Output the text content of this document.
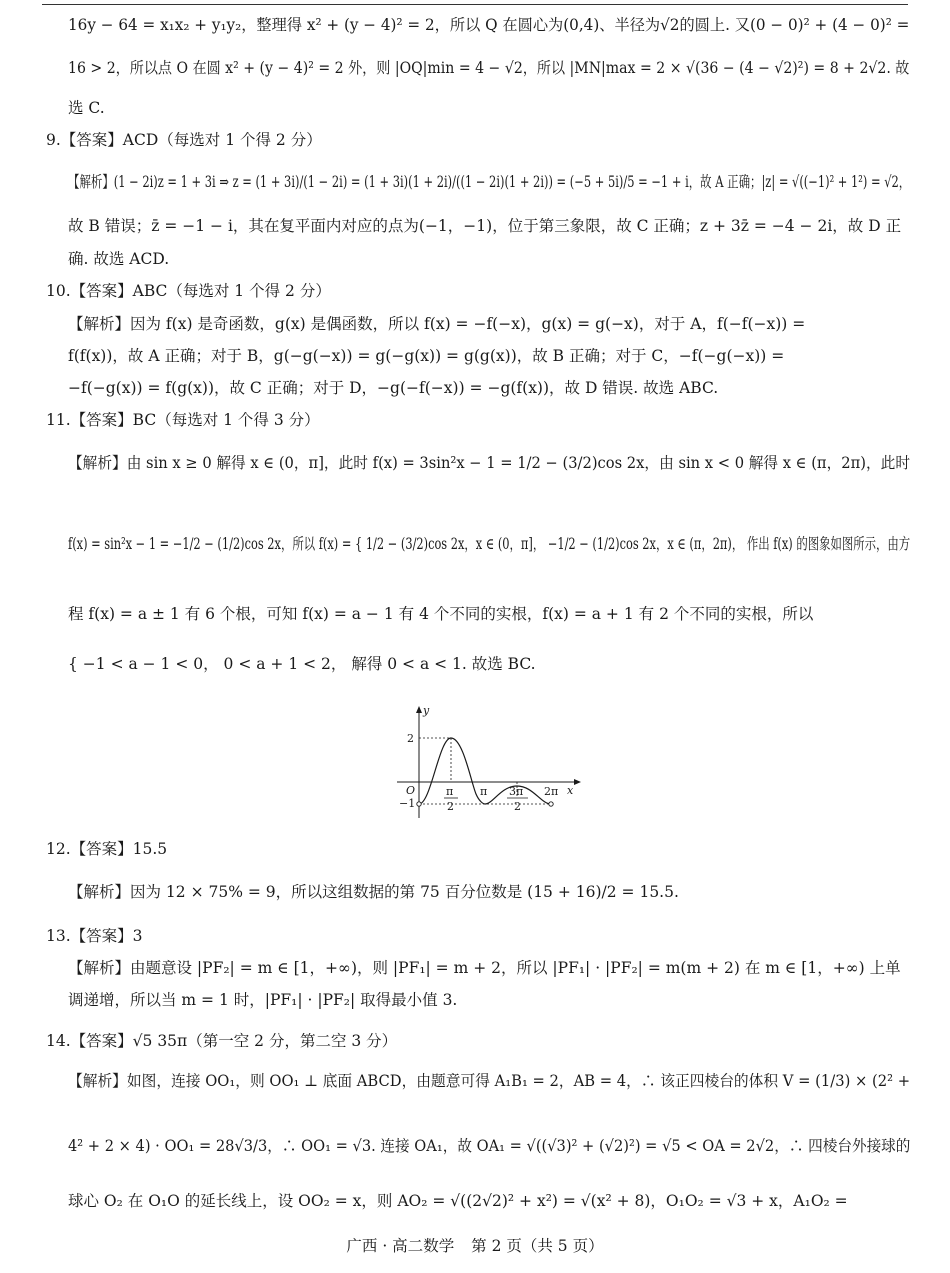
16y − 64 = x₁x₂ + y₁y₂，整理得 x² + (y − 4)² = 2，所以 Q 在圆心为(0,4)、半径为√2的圆上. 又(0 − 0)² + (4 − 0)² =
16 > 2，所以点 O 在圆 x² + (y − 4)² = 2 外，则 |OQ|min = 4 − √2，所以 |MN|max = 2 × √(36 − (4 − √2)²) = 8 + 2√2. 故
选 C.
9.【答案】ACD（每选对 1 个得 2 分）
【解析】(1 − 2i)z = 1 + 3i ⇒ z = (1 + 3i)/(1 − 2i) = (1 + 3i)(1 + 2i)/((1 − 2i)(1 + 2i)) = (−5 + 5i)/5 = −1 + i，故 A 正确；|z| = √((−1)² + 1²) = √2，
故 B 错误；z̄ = −1 − i，其在复平面内对应的点为(−1，−1)，位于第三象限，故 C 正确；z + 3z̄ = −4 − 2i，故 D 正
确. 故选 ACD.
10.【答案】ABC（每选对 1 个得 2 分）
【解析】因为 f(x) 是奇函数，g(x) 是偶函数，所以 f(x) = −f(−x)，g(x) = g(−x)，对于 A，f(−f(−x)) =
f(f(x))，故 A 正确；对于 B，g(−g(−x)) = g(−g(x)) = g(g(x))，故 B 正确；对于 C，−f(−g(−x)) =
−f(−g(x)) = f(g(x))，故 C 正确；对于 D，−g(−f(−x)) = −g(f(x))，故 D 错误. 故选 ABC.
11.【答案】BC（每选对 1 个得 3 分）
【解析】由 sin x ≥ 0 解得 x ∈ (0，π]，此时 f(x) = 3sin²x − 1 = 1/2 − (3/2)cos 2x，由 sin x < 0 解得 x ∈ (π，2π)，此时
f(x) = sin²x − 1 = −1/2 − (1/2)cos 2x，所以 f(x) = { 1/2 − (3/2)cos 2x，x ∈ (0，π]， −1/2 − (1/2)cos 2x，x ∈ (π，2π)， 作出 f(x) 的图象如图所示，由方
程 f(x) = a ± 1 有 6 个根，可知 f(x) = a − 1 有 4 个不同的实根，f(x) = a + 1 有 2 个不同的实根，所以
{ −1 < a − 1 < 0， 0 < a + 1 < 2， 解得 0 < a < 1. 故选 BC.
y
x
O
2
−1
π
2
π 3π
2
2π
12.【答案】15.5
【解析】因为 12 × 75% = 9，所以这组数据的第 75 百分位数是 (15 + 16)/2 = 15.5.
13.【答案】3
【解析】由题意设 |PF₂| = m ∈ [1，+∞)，则 |PF₁| = m + 2，所以 |PF₁| · |PF₂| = m(m + 2) 在 m ∈ [1，+∞) 上单
调递增，所以当 m = 1 时，|PF₁| · |PF₂| 取得最小值 3.
14.【答案】√5 35π（第一空 2 分，第二空 3 分）
【解析】如图，连接 OO₁，则 OO₁ ⊥ 底面 ABCD，由题意可得 A₁B₁ = 2，AB = 4，∴ 该正四棱台的体积 V = (1/3) × (2² +
4² + 2 × 4) · OO₁ = 28√3/3，∴ OO₁ = √3. 连接 OA₁，故 OA₁ = √((√3)² + (√2)²) = √5 < OA = 2√2，∴ 四棱台外接球的
球心 O₂ 在 O₁O 的延长线上，设 OO₂ = x，则 AO₂ = √((2√2)² + x²) = √(x² + 8)，O₁O₂ = √3 + x，A₁O₂ =
广西 · 高二数学 第 2 页（共 5 页）
